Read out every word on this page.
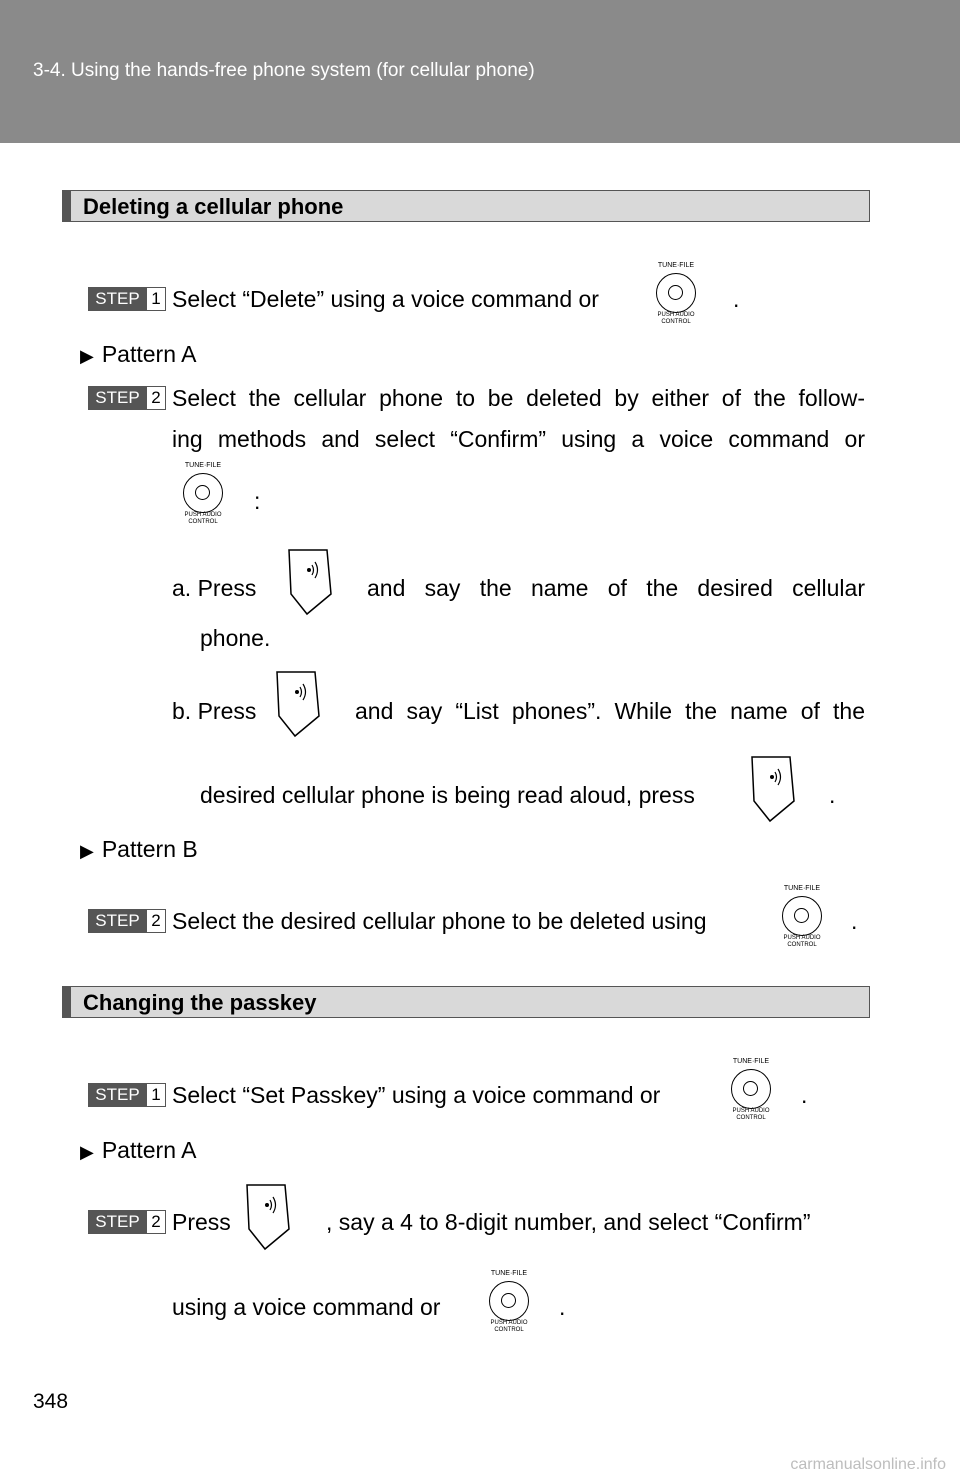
3-4. Using the hands-free phone system (for cellular phone)
Deleting a cellular phone
STEP 1 Select “Delete” using a voice command or
TUNE·FILE
PUSH AUDIO CONTROL
.
▶ Pattern A
STEP 2 Select the cellular phone to be deleted by either of the follow-
ing methods and select “Confirm” using a voice command or
TUNE·FILE
PUSH AUDIO CONTROL
:
a. Press	and say the name of the desired cellular
phone.
b. Press	and say “List phones”. While the name of the
desired cellular phone is being read aloud, press	.
▶ Pattern B
STEP 2 Select the desired cellular phone to be deleted using
TUNE·FILE
PUSH AUDIO CONTROL
.
Changing the passkey
STEP 1 Select “Set Passkey” using a voice command or
TUNE·FILE
PUSH AUDIO CONTROL
.
▶ Pattern A
STEP 2 Press	, say a 4 to 8-digit number, and select “Confirm”
using a voice command or
TUNE·FILE
PUSH AUDIO CONTROL
.
348
carmanualsonline.info
